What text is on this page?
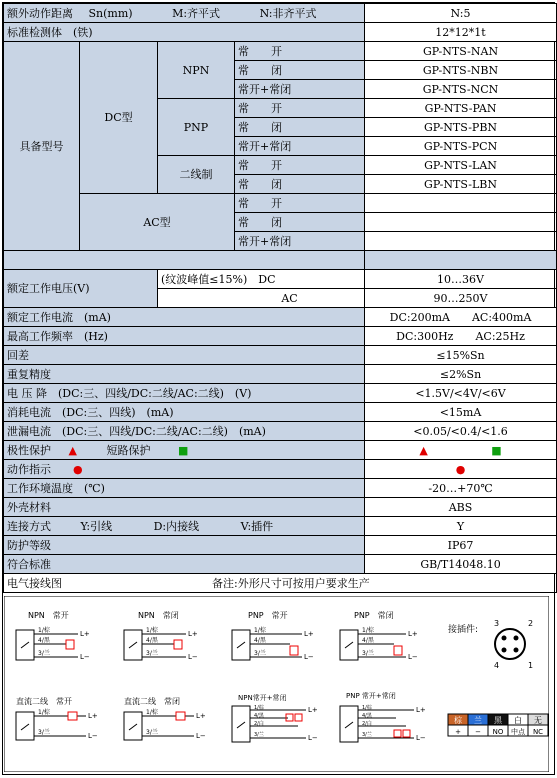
额外动作距离 Sn(mm) M:齐平式 N:非齐平式				N:5
标准检测体　(铁)				12*12*1t
具备型号	DC型	NPN	常　　开	GP-NTS-NAN
			常　　闭	GP-NTS-NBN
			常开+常闭	GP-NTS-NCN
		PNP	常　　开	GP-NTS-PAN
			常　　闭	GP-NTS-PBN
			常开+常闭	GP-NTS-PCN
		二线制	常　　开	GP-NTS-LAN
			常　　闭	GP-NTS-LBN
	AC型		常　　开	
			常　　闭	
			常开+常闭	

额定工作电压(V)		(纹波峰值≤15%)　DC		10…36V
		AC		90…250V
额定工作电流　(mA)				DC:200mA　　 AC:400mA
最高工作频率　(Hz)				DC:300Hz　　 AC:25Hz
回差				≤15%Sn
重复精度				≤2%Sn
电 压 降　(DC:三、四线/DC:二线/AC:二线)　(V)				<1.5V/<4V/<6V
消耗电流　(DC:三、四线)　(mA)				<15mA
泄漏电流　(DC:三、四线/DC:二线/AC:二线)　(mA)				<0.05/<0.4/<1.6
极性保护 ▲ 短路保护 ■				▲ ■
动作指示 ●				●
工作环境温度　(℃)				-20…+70℃
外壳材料				ABS
连接方式 Y:引线 D:内接线 V:插件				Y
防护等级				IP67
符合标准				GB/T14048.10
电气接线图 备注:外形尺寸可按用户要求生产				
NPN　常开
1/棕
4/黑
3/兰
L+
L−
NPN　常闭
1/棕
4/黑
3/兰
L+
L−
PNP　常开
1/棕
4/黑
3/兰
L+
L−
PNP　常闭
1/棕
4/黑
3/兰
L+
L−
接插件:
3	2
4	1
直流二线　常开
1/棕
3/兰
L+
L−
直流二线　常闭
1/棕
3/兰
L+
L−
NPN常开+常闭
1/棕
4/黑
2/白
3/兰
L+
L−
PNP 常开+常闭
1/棕
4/黑
2/白
3/兰
L+
L−
棕 兰 黑 白 无
+ − NO 中点 NC
